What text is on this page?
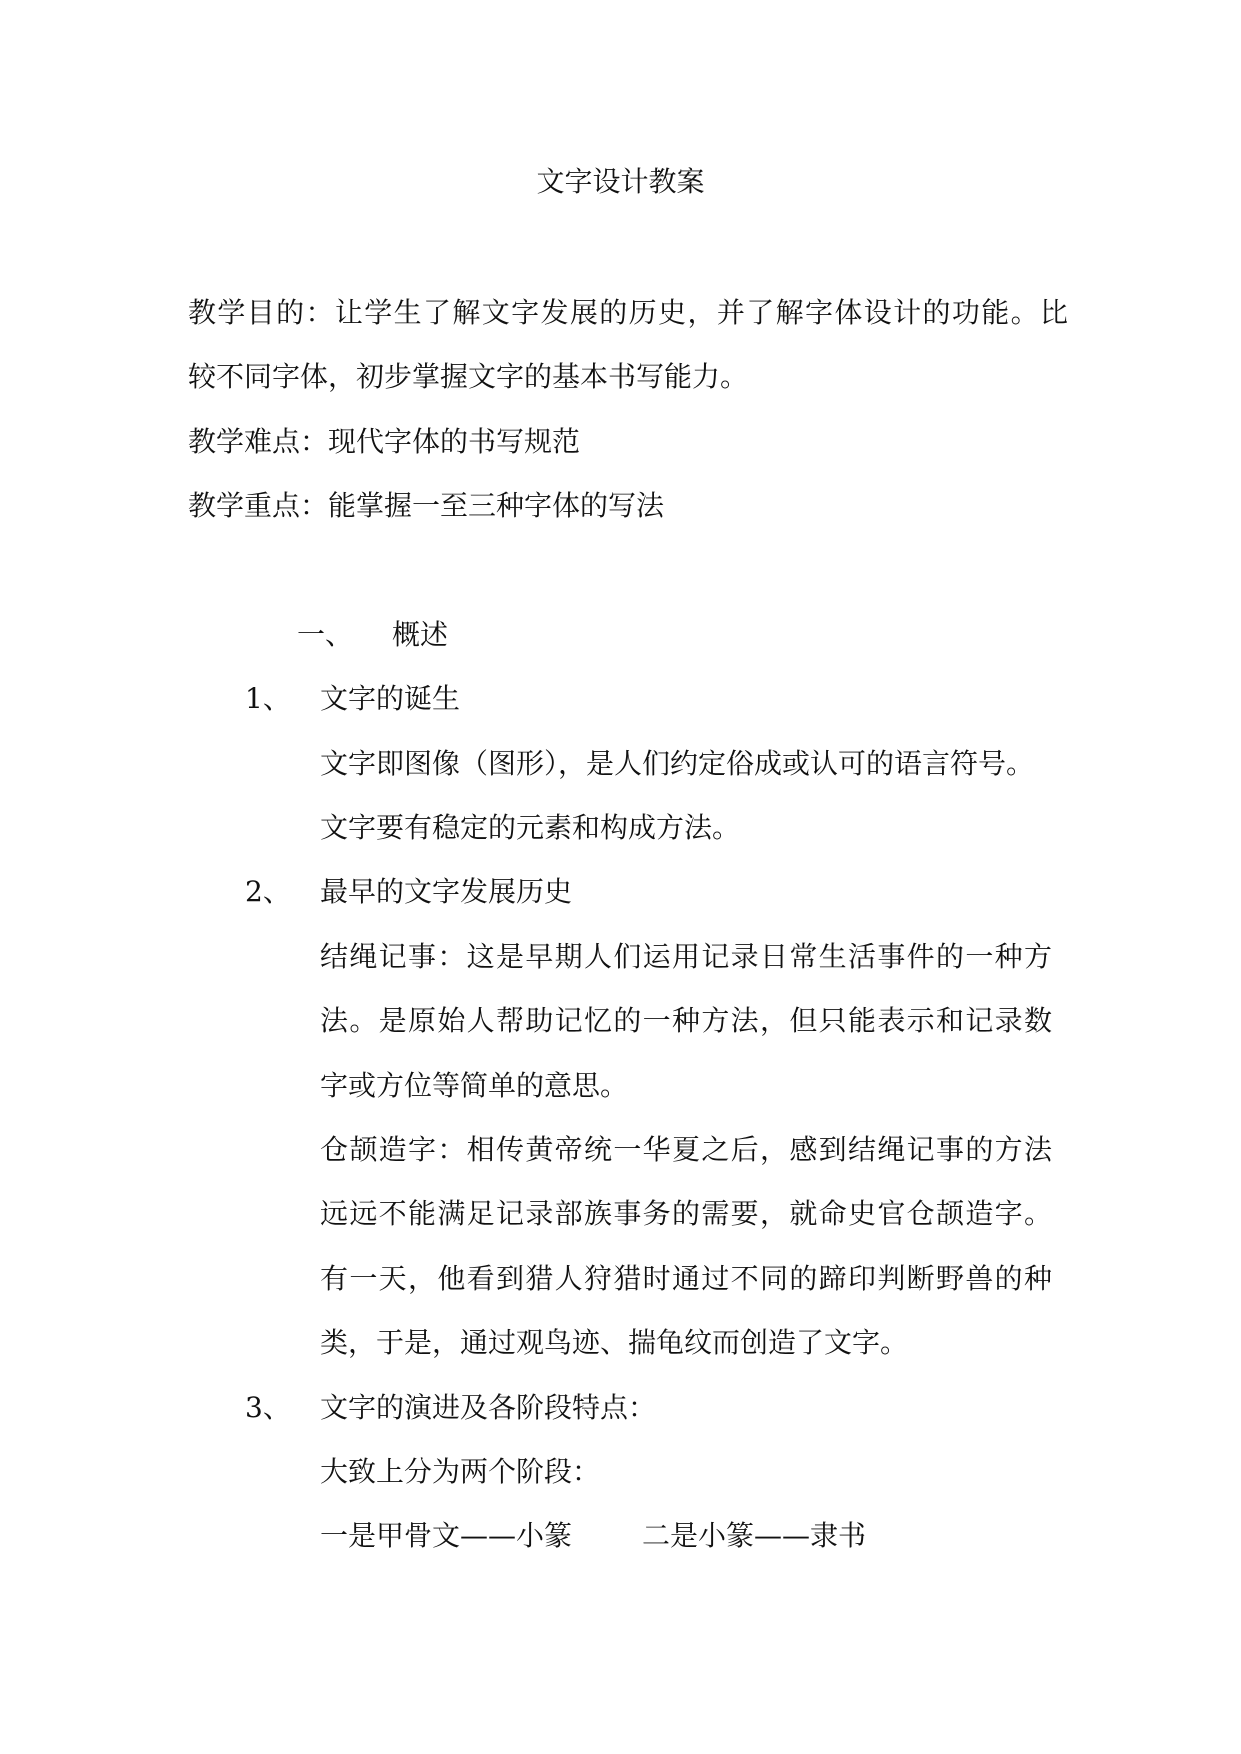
文字设计教案
教学目的：让学生了解文字发展的历史，并了解字体设计的功能。比
较不同字体，初步掌握文字的基本书写能力。
教学难点：现代字体的书写规范
教学重点：能掌握一至三种字体的写法
一、 概述
1、 文字的诞生
文字即图像（图形），是人们约定俗成或认可的语言符号。
文字要有稳定的元素和构成方法。
2、 最早的文字发展历史
结绳记事：这是早期人们运用记录日常生活事件的一种方
法。是原始人帮助记忆的一种方法，但只能表示和记录数
字或方位等简单的意思。
仓颉造字：相传黄帝统一华夏之后，感到结绳记事的方法
远远不能满足记录部族事务的需要，就命史官仓颉造字。
有一天，他看到猎人狩猎时通过不同的蹄印判断野兽的种
类，于是，通过观鸟迹、揣龟纹而创造了文字。
3、 文字的演进及各阶段特点：
大致上分为两个阶段：
一是甲骨文——小篆	二是小篆——隶书
